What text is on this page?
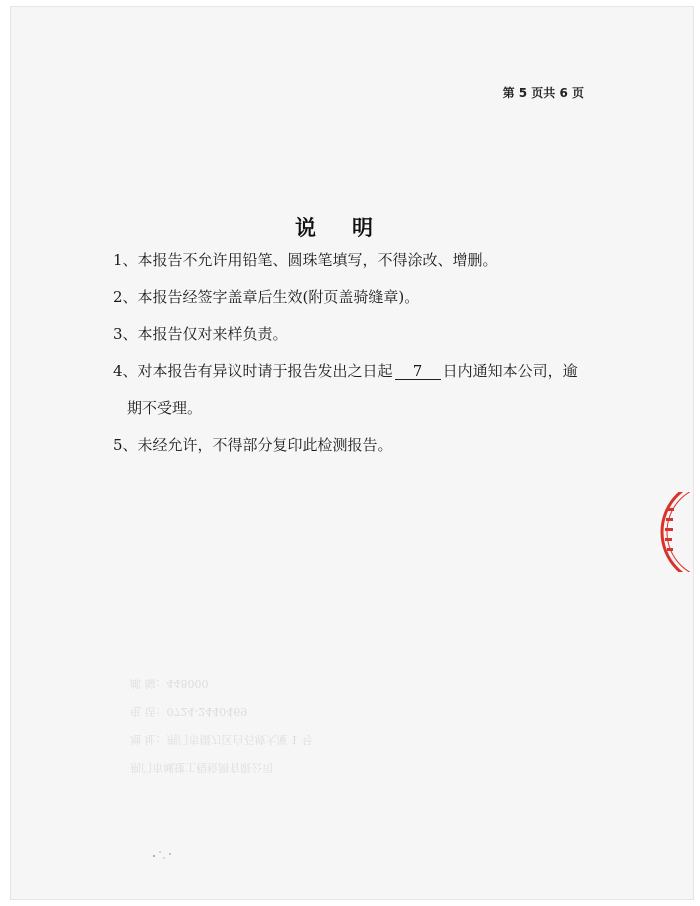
第 5 页共 6 页
说明
1、本报告不允许用铅笔、圆珠笔填写，不得涂改、增删。
2、本报告经签字盖章后生效(附页盖骑缝章)。
3、本报告仅对来样负责。
4、对本报告有异议时请于报告发出之日起 7 日内通知本公司，逾
期不受理。
5、未经允许，不得部分复印此检测报告。
荆门市城建工程检测有限公司
地 址：荆门市掇刀区白石坡大厦 1 号
电 话：0724-2440469
邮 编：448000
